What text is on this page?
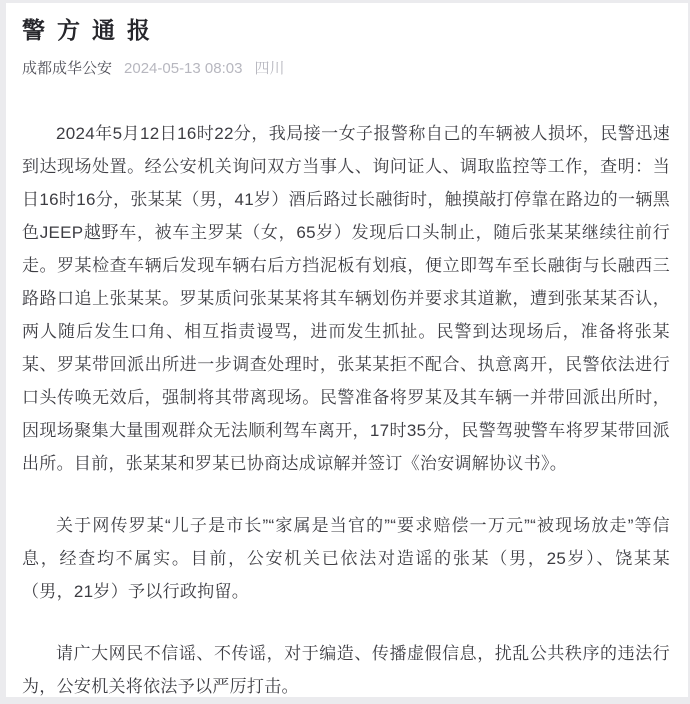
警方通报
成都成华公安 2024-05-13 08:03 四川

2024年5月12日16时22分，我局接一女子报警称自己的车辆被人损坏，民警迅速到达现场处置。经公安机关询问双方当事人、询问证人、调取监控等工作，查明：当日16时16分，张某某（男，41岁）酒后路过长融街时，触摸敲打停靠在路边的一辆黑色JEEP越野车，被车主罗某（女，65岁）发现后口头制止，随后张某某继续往前行走。罗某检查车辆后发现车辆右后方挡泥板有划痕，便立即驾车至长融街与长融西三路路口追上张某某。罗某质问张某某将其车辆划伤并要求其道歉，遭到张某某否认，两人随后发生口角、相互指责谩骂，进而发生抓扯。民警到达现场后，准备将张某某、罗某带回派出所进一步调查处理时，张某某拒不配合、执意离开，民警依法进行口头传唤无效后，强制将其带离现场。民警准备将罗某及其车辆一并带回派出所时，因现场聚集大量围观群众无法顺利驾车离开，17时35分，民警驾驶警车将罗某带回派出所。目前，张某某和罗某已协商达成谅解并签订《治安调解协议书》。

关于网传罗某“儿子是市长”“家属是当官的”“要求赔偿一万元”“被现场放走”等信息，经查均不属实。目前，公安机关已依法对造谣的张某（男，25岁）、饶某某（男，21岁）予以行政拘留。

请广大网民不信谣、不传谣，对于编造、传播虚假信息，扰乱公共秩序的违法行为，公安机关将依法予以严厉打击。
